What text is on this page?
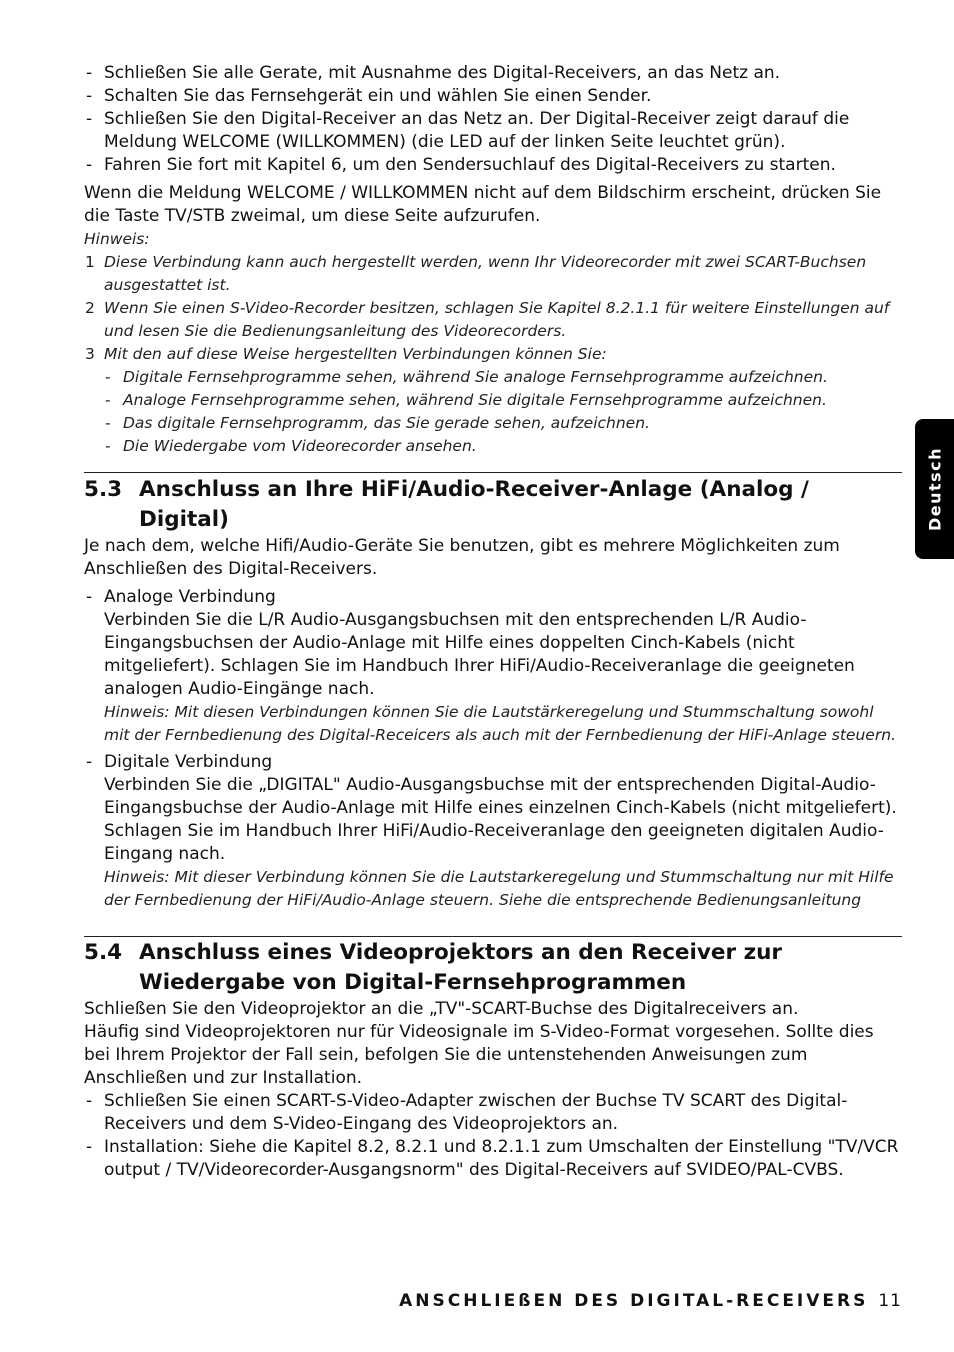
- Schließen Sie alle Gerate, mit Ausnahme des Digital-Receivers, an das Netz an.
- Schalten Sie das Fernsehgerät ein und wählen Sie einen Sender.
- Schließen Sie den Digital-Receiver an das Netz an. Der Digital-Receiver zeigt darauf die Meldung WELCOME (WILLKOMMEN) (die LED auf der linken Seite leuchtet grün).
- Fahren Sie fort mit Kapitel 6, um den Sendersuchlauf des Digital-Receivers zu starten.

Wenn die Meldung WELCOME / WILLKOMMEN nicht auf dem Bildschirm erscheint, drücken Sie die Taste TV/STB zweimal, um diese Seite aufzurufen.

Hinweis:

1 Diese Verbindung kann auch hergestellt werden, wenn Ihr Videorecorder mit zwei SCART-Buchsen ausgestattet ist.
2 Wenn Sie einen S-Video-Recorder besitzen, schlagen Sie Kapitel 8.2.1.1 für weitere Einstellungen auf und lesen Sie die Bedienungsanleitung des Videorecorders.
3 Mit den auf diese Weise hergestellten Verbindungen können Sie:
- Digitale Fernsehprogramme sehen, während Sie analoge Fernsehprogramme aufzeichnen.
- Analoge Fernsehprogramme sehen, während Sie digitale Fernsehprogramme aufzeichnen.
- Das digitale Fernsehprogramm, das Sie gerade sehen, aufzeichnen.
- Die Wiedergabe vom Videorecorder ansehen.
5.3 Anschluss an Ihre HiFi/Audio-Receiver-Anlage (Analog / Digital)

Je nach dem, welche Hifi/Audio-Geräte Sie benutzen, gibt es mehrere Möglichkeiten zum Anschließen des Digital-Receivers.

- Analoge Verbindung
Verbinden Sie die L/R Audio-Ausgangsbuchsen mit den entsprechenden L/R Audio-Eingangsbuchsen der Audio-Anlage mit Hilfe eines doppelten Cinch-Kabels (nicht mitgeliefert). Schlagen Sie im Handbuch Ihrer HiFi/Audio-Receiveranlage die geeigneten analogen Audio-Eingänge nach.

Hinweis: Mit diesen Verbindungen können Sie die Lautstärkeregelung und Stummschaltung sowohl mit der Fernbedienung des Digital-Receicers als auch mit der Fernbedienung der HiFi-Anlage steuern.

- Digitale Verbindung
Verbinden Sie die „DIGITAL" Audio-Ausgangsbuchse mit der entsprechenden Digital-Audio-Eingangsbuchse der Audio-Anlage mit Hilfe eines einzelnen Cinch-Kabels (nicht mitgeliefert). Schlagen Sie im Handbuch Ihrer HiFi/Audio-Receiveranlage den geeigneten digitalen Audio-Eingang nach.

Hinweis: Mit dieser Verbindung können Sie die Lautstarkeregelung und Stummschaltung nur mit Hilfe der Fernbedienung der HiFi/Audio-Anlage steuern. Siehe die entsprechende Bedienungsanleitung

5.4 Anschluss eines Videoprojektors an den Receiver zur Wiedergabe von Digital-Fernsehprogrammen

Schließen Sie den Videoprojektor an die „TV"-SCART-Buchse des Digitalreceivers an.

Häufig sind Videoprojektoren nur für Videosignale im S-Video-Format vorgesehen. Sollte dies bei Ihrem Projektor der Fall sein, befolgen Sie die untenstehenden Anweisungen zum Anschließen und zur Installation.

- Schließen Sie einen SCART-S-Video-Adapter zwischen der Buchse TV SCART des Digital-Receivers und dem S-Video-Eingang des Videoprojektors an.
- Installation: Siehe die Kapitel 8.2, 8.2.1 und 8.2.1.1 zum Umschalten der Einstellung "TV/VCR output / TV/Videorecorder-Ausgangsnorm" des Digital-Receivers auf SVIDEO/PAL-CVBS.
Deutsch
ANSCHLIEßEN DES DIGITAL-RECEIVERS 11
